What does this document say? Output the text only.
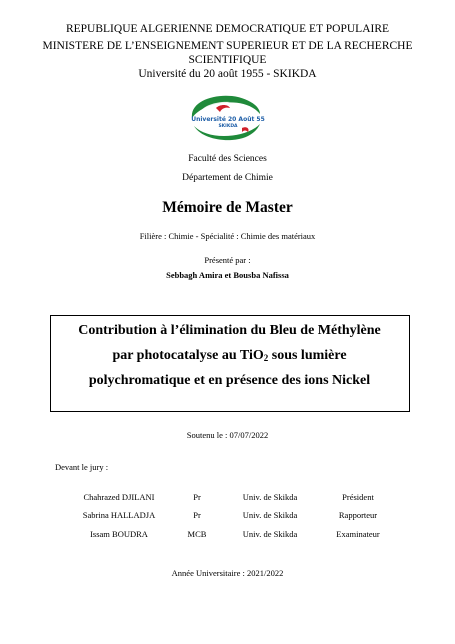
REPUBLIQUE ALGERIENNE DEMOCRATIQUE ET POPULAIRE
MINISTERE DE L’ENSEIGNEMENT SUPERIEUR ET DE LA RECHERCHE
SCIENTIFIQUE
Université du 20 août 1955 - SKIKDA
Université 20 Août 55
SKIKDA
Faculté des Sciences
Département de Chimie
Mémoire de Master
Filière : Chimie - Spécialité : Chimie des matériaux
Présenté par :
Sebbagh Amira et Bousba Nafissa
Contribution à l’élimination du Bleu de Méthylène
par photocatalyse au TiO2 sous lumière
polychromatique et en présence des ions Nickel
Soutenu le : 07/07/2022
Devant le jury :
Chahrazed DJILANI	Pr	Univ. de Skikda	Président
Sabrina HALLADJA	Pr	Univ. de Skikda	Rapporteur
Issam BOUDRA	MCB	Univ. de Skikda	Examinateur
Année Universitaire : 2021/2022
